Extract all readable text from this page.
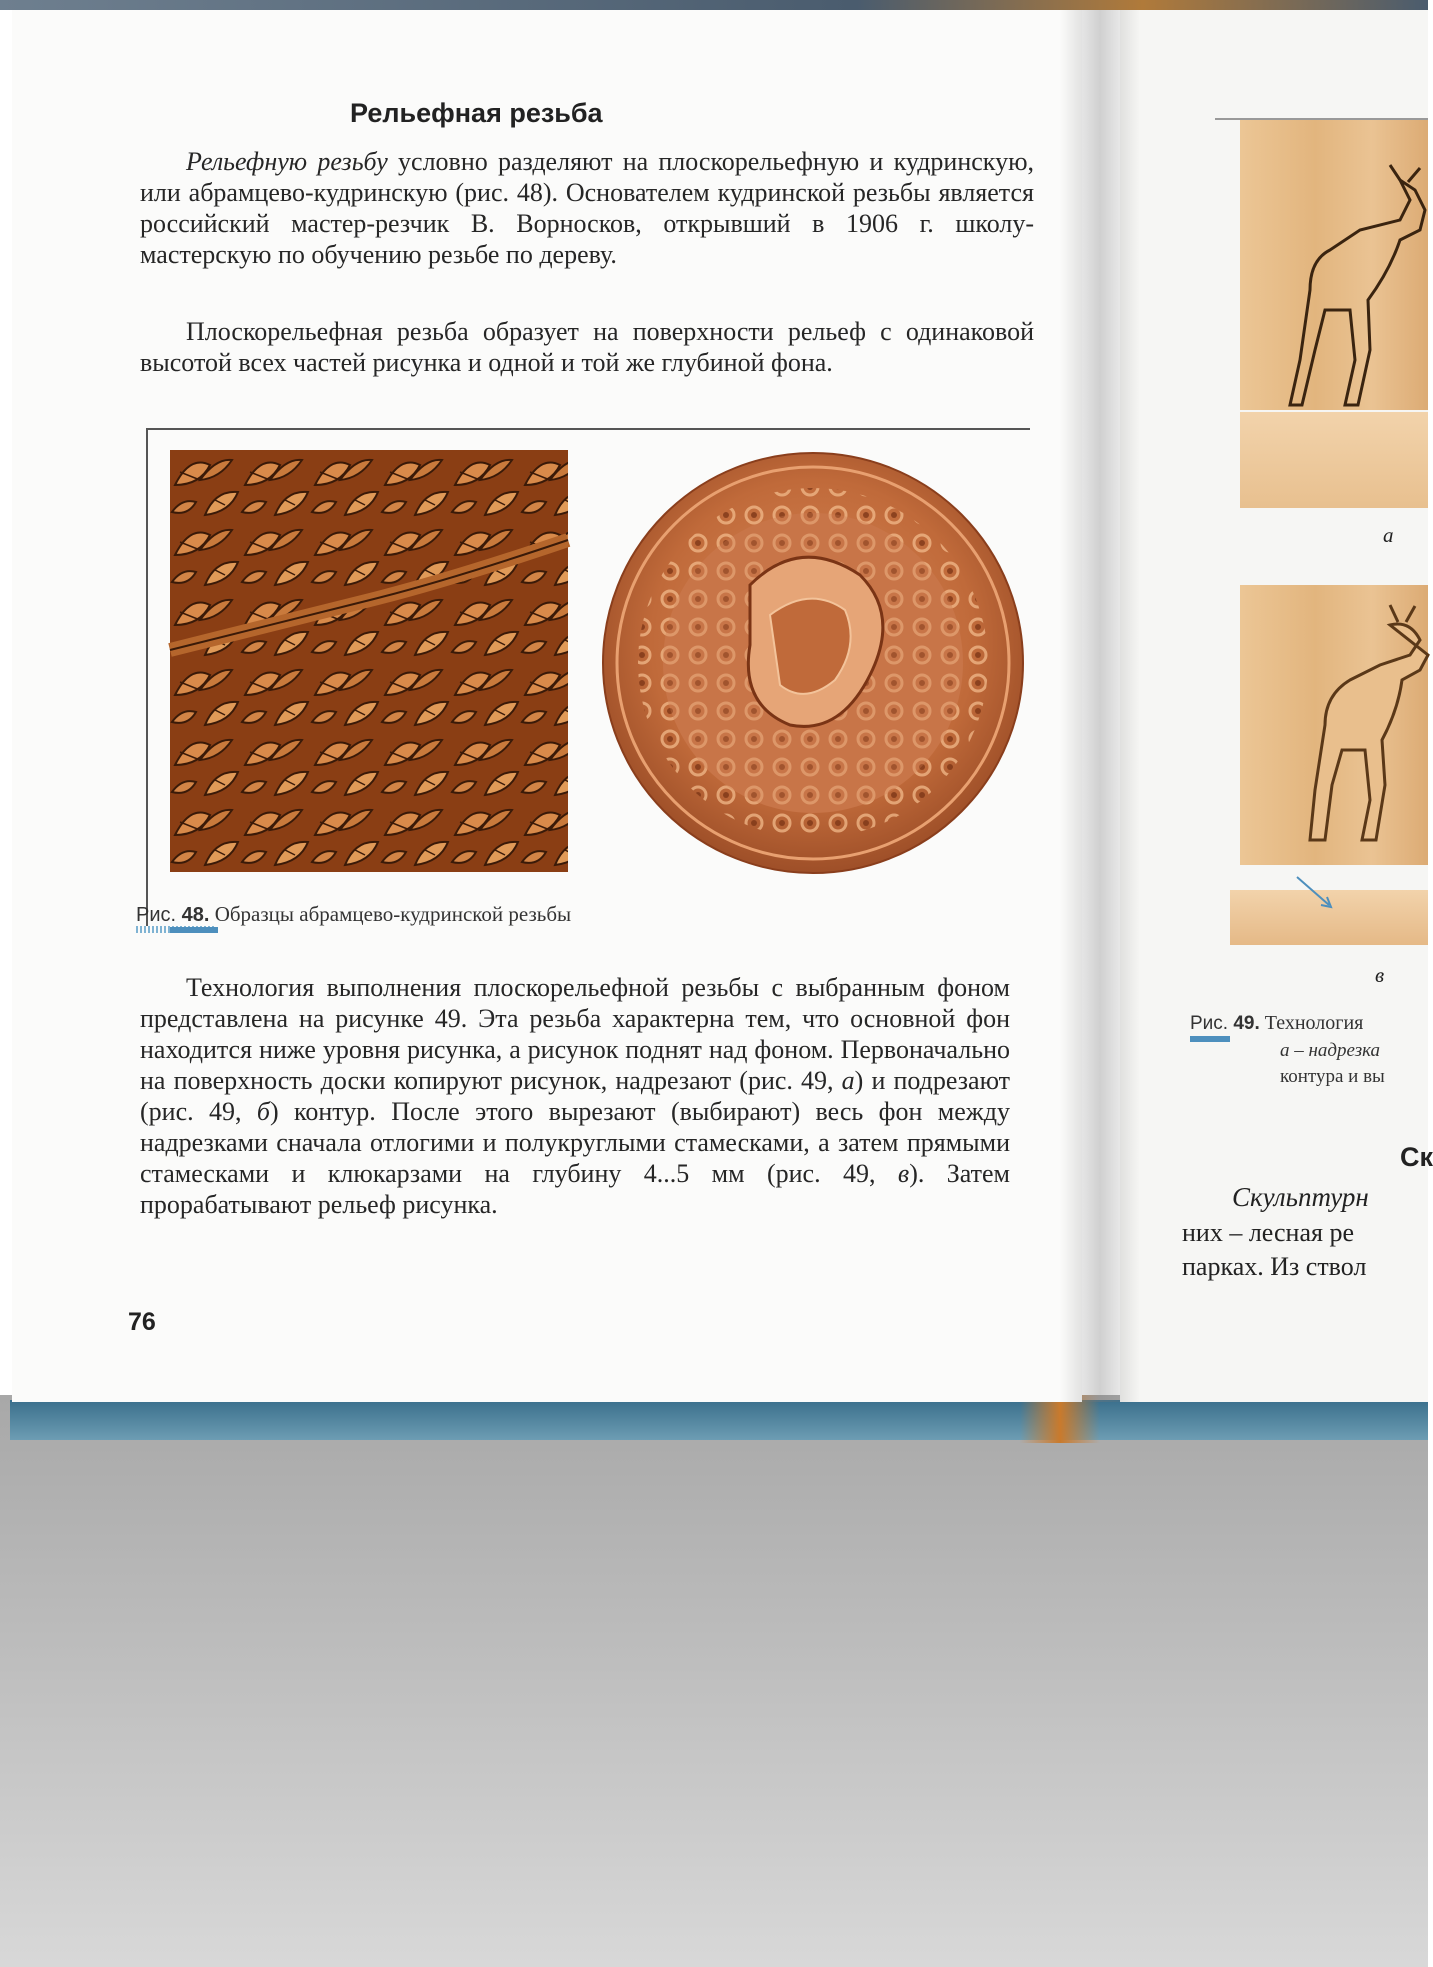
Рельефная резьба

Рельефную резьбу условно разделяют на плоскорельефную и кудринскую, или абрамцево-кудринскую (рис. 48). Основателем кудринской резьбы является российский мастер-резчик В. Ворносков, открывший в 1906 г. школу-мастерскую по обучению резьбе по дереву.

Плоскорельефная резьба образует на поверхности рельеф с одинаковой высотой всех частей рисунка и одной и той же глубиной фона.

Рис. 48. Образцы абрамцево-кудринской резьбы

Технология выполнения плоскорельефной резьбы с выбранным фоном представлена на рисунке 49. Эта резьба характерна тем, что основной фон находится ниже уровня рисунка, а рисунок поднят над фоном. Первоначально на поверхность доски копируют рисунок, надрезают (рис. 49, а) и подрезают (рис. 49, б) контур. После этого вырезают (выбирают) весь фон между надрезками сначала отлогими и полукруглыми стамесками, а затем прямыми стамесками и клюкарзами на глубину 4...5 мм (рис. 49, в). Затем прорабатывают рельеф рисунка.

76
а
в
Рис. 49. Технология
а – надрезка
контура и вы
Ск
Скульптурн
них – лесная ре
парках. Из ствол
